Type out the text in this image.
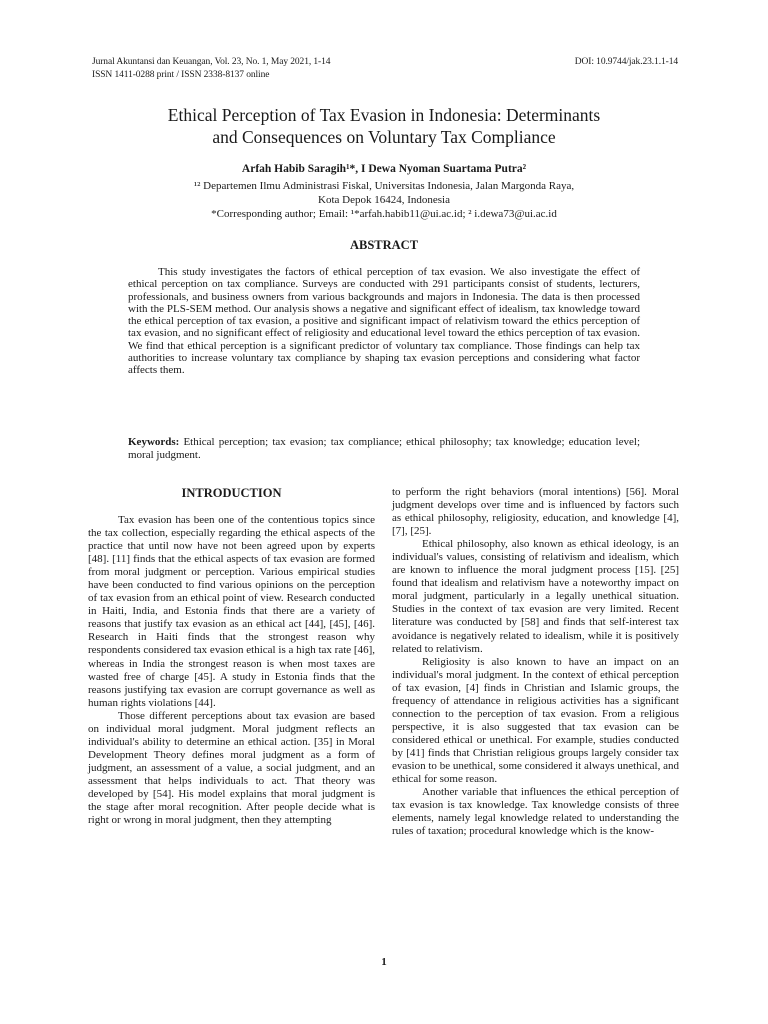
Jurnal Akuntansi dan Keuangan, Vol. 23, No. 1, May 2021, 1-14
ISSN 1411-0288 print / ISSN 2338-8137 online
DOI: 10.9744/jak.23.1.1-14
Ethical Perception of Tax Evasion in Indonesia: Determinants
and Consequences on Voluntary Tax Compliance
Arfah Habib Saragih¹*, I Dewa Nyoman Suartama Putra²
¹² Departemen Ilmu Administrasi Fiskal, Universitas Indonesia, Jalan Margonda Raya,
Kota Depok 16424, Indonesia
*Corresponding author; Email: ¹*arfah.habib11@ui.ac.id; ² i.dewa73@ui.ac.id
ABSTRACT

This study investigates the factors of ethical perception of tax evasion. We also investigate the effect of ethical perception on tax compliance. Surveys are conducted with 291 participants consist of students, lecturers, professionals, and business owners from various backgrounds and majors in Indonesia. The data is then processed with the PLS-SEM method. Our analysis shows a negative and significant effect of idealism, tax knowledge toward the ethical perception of tax evasion, a positive and significant impact of relativism toward the ethics perception of tax evasion, and no significant effect of religiosity and educational level toward the ethics perception of tax evasion. We find that ethical perception is a significant predictor of voluntary tax compliance. Those findings can help tax authorities to increase voluntary tax compliance by shaping tax evasion perceptions and considering what factor affects them.

Keywords: Ethical perception; tax evasion; tax compliance; ethical philosophy; tax knowledge; education level; moral judgment.
INTRODUCTION

Tax evasion has been one of the contentious topics since the tax collection, especially regarding the ethical aspects of the practice that until now have not been agreed upon by experts [48]. [11] finds that the ethical aspects of tax evasion are formed from moral judgment or perception. Various empirical studies have been conducted to find various opinions on the perception of tax evasion from an ethical point of view. Research conducted in Haiti, India, and Estonia finds that there are a variety of reasons that justify tax evasion as an ethical act [44], [45], [46]. Research in Haiti finds that the strongest reason why respondents considered tax evasion ethical is a high tax rate [46], whereas in India the strongest reason is when most taxes are wasted free of charge [45]. A study in Estonia finds that the reasons justifying tax evasion are corrupt governance as well as human rights violations [44].

Those different perceptions about tax evasion are based on individual moral judgment. Moral judgment reflects an individual's ability to determine an ethical action. [35] in Moral Development Theory defines moral judgment as a form of judgment, an assessment of a value, a social judgment, and an assessment that helps individuals to act. That theory was developed by [54]. His model explains that moral judgment is the stage after moral recognition. After people decide what is right or wrong in moral judgment, then they attempting

to perform the right behaviors (moral intentions) [56]. Moral judgment develops over time and is influenced by factors such as ethical philosophy, religiosity, education, and knowledge [4], [7], [25].

Ethical philosophy, also known as ethical ideology, is an individual's values, consisting of relativism and idealism, which are known to influence the moral judgment process [15]. [25] found that idealism and relativism have a noteworthy impact on moral judgment, particularly in a legally unethical situation. Studies in the context of tax evasion are very limited. Recent literature was conducted by [58] and finds that self-interest tax avoidance is negatively related to idealism, while it is positively related to relativism.

Religiosity is also known to have an impact on an individual's moral judgment. In the context of ethical perception of tax evasion, [4] finds in Christian and Islamic groups, the frequency of attendance in religious activities has a significant connection to the perception of tax evasion. From a religious perspective, it is also suggested that tax evasion can be considered ethical or unethical. For example, studies conducted by [41] finds that Christian religious groups largely consider tax evasion to be unethical, some considered it always unethical, and ethical for some reason.

Another variable that influences the ethical perception of tax evasion is tax knowledge. Tax knowledge consists of three elements, namely legal knowledge related to understanding the rules of taxation; procedural knowledge which is the know-

1
